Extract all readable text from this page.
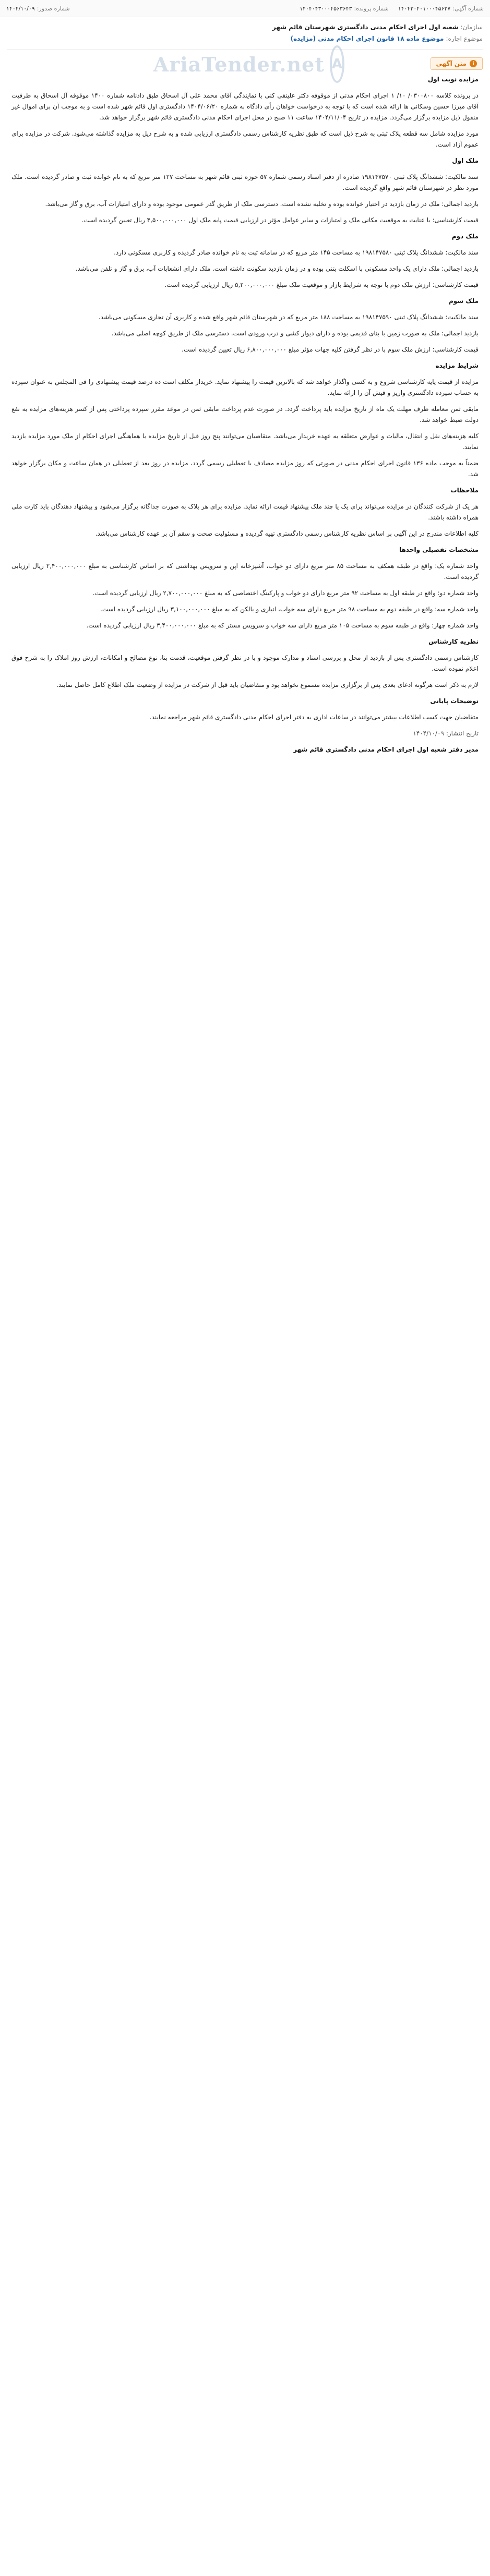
شماره آگهی:۱۴۰۴۳۰۴۰۱۰۰۰۴۵۶۳۷
شماره پرونده:۱۴۰۴۰۴۳۰۰۰۴۵۶۳۶۴۳
شماره صدور:۱۴۰۴/۱۰/۰۹
سازمان:شعبه اول اجرای احکام مدنی دادگستری شهرستان قائم شهر
موضوع اجاره:موضوع ماده ۱۸ قانون اجرای احکام مدنی (مزایده)
i
متن آگهی
A
AriaTender.net

مزایده نوبت اول

در پرونده کلاسه ۰۳۰۰۸۰۰/ ۱۰/ ۱ اجرای احکام مدنی از موقوفه دکتر علینقی کنی با نمایندگی آقای محمد علی آل اسحاق طبق دادنامه شماره ۱۴۰۰ موقوفه آل اسحاق به طرفیت آقای میرزا حسین وسکانی ها ارائه شده است که با توجه به درخواست خواهان رأی دادگاه به شماره ۱۴۰۴/۰۶/۲۰ دادگستری اول قائم شهر شده است و به موجب آن برای اموال غیر منقول ذیل مزایده برگزار می‌گردد. مزایده در تاریخ ۱۴۰۴/۱۱/۰۴ ساعت ۱۱ صبح در محل اجرای احکام مدنی دادگستری قائم شهر برگزار خواهد شد.

مورد مزایده شامل سه قطعه پلاک ثبتی به شرح ذیل است که طبق نظریه کارشناس رسمی دادگستری ارزیابی شده و به شرح ذیل به مزایده گذاشته می‌شود. شرکت در مزایده برای عموم آزاد است.

ملک اول

سند مالکیت: ششدانگ پلاک ثبتی ۱۹۸۱۴۷۵۷۰ صادره از دفتر اسناد رسمی شماره ۵۷ حوزه ثبتی قائم شهر به مساحت ۱۲۷ متر مربع که به نام خوانده ثبت و صادر گردیده است. ملک مورد نظر در شهرستان قائم شهر واقع گردیده است.

بازدید اجمالی: ملک در زمان بازدید در اختیار خوانده بوده و تخلیه نشده است. دسترسی ملک از طریق گذر عمومی موجود بوده و دارای امتیازات آب، برق و گاز می‌باشد.

قیمت کارشناسی: با عنایت به موقعیت مکانی ملک و امتیازات و سایر عوامل مؤثر در ارزیابی قیمت پایه ملک اول ۴,۵۰۰,۰۰۰,۰۰۰ ریال تعیین گردیده است.

ملک دوم

سند مالکیت: ششدانگ پلاک ثبتی ۱۹۸۱۴۷۵۸۰ به مساحت ۱۴۵ متر مربع که در سامانه ثبت به نام خوانده صادر گردیده و کاربری مسکونی دارد.

بازدید اجمالی: ملک دارای یک واحد مسکونی با اسکلت بتنی بوده و در زمان بازدید سکونت داشته است. ملک دارای انشعابات آب، برق و گاز و تلفن می‌باشد.

قیمت کارشناسی: ارزش ملک دوم با توجه به شرایط بازار و موقعیت ملک مبلغ ۵,۲۰۰,۰۰۰,۰۰۰ ریال ارزیابی گردیده است.

ملک سوم

سند مالکیت: ششدانگ پلاک ثبتی ۱۹۸۱۴۷۵۹۰ به مساحت ۱۸۸ متر مربع که در شهرستان قائم شهر واقع شده و کاربری آن تجاری مسکونی می‌باشد.

بازدید اجمالی: ملک به صورت زمین با بنای قدیمی بوده و دارای دیوار کشی و درب ورودی است. دسترسی ملک از طریق کوچه اصلی می‌باشد.

قیمت کارشناسی: ارزش ملک سوم با در نظر گرفتن کلیه جهات مؤثر مبلغ ۶,۸۰۰,۰۰۰,۰۰۰ ریال تعیین گردیده است.

شرایط مزایده

مزایده از قیمت پایه کارشناسی شروع و به کسی واگذار خواهد شد که بالاترین قیمت را پیشنهاد نماید. خریدار مکلف است ده درصد قیمت پیشنهادی را فی المجلس به عنوان سپرده به حساب سپرده دادگستری واریز و فیش آن را ارائه نماید.

مابقی ثمن معامله ظرف مهلت یک ماه از تاریخ مزایده باید پرداخت گردد. در صورت عدم پرداخت مابقی ثمن در موعد مقرر سپرده پرداختی پس از کسر هزینه‌های مزایده به نفع دولت ضبط خواهد شد.

کلیه هزینه‌های نقل و انتقال، مالیات و عوارض متعلقه به عهده خریدار می‌باشد. متقاضیان می‌توانند پنج روز قبل از تاریخ مزایده با هماهنگی اجرای احکام از ملک مورد مزایده بازدید نمایند.

ضمناً به موجب ماده ۱۳۶ قانون اجرای احکام مدنی در صورتی که روز مزایده مصادف با تعطیلی رسمی گردد، مزایده در روز بعد از تعطیلی در همان ساعت و مکان برگزار خواهد شد.

ملاحظات

هر یک از شرکت کنندگان در مزایده می‌تواند برای یک یا چند ملک پیشنهاد قیمت ارائه نماید. مزایده برای هر پلاک به صورت جداگانه برگزار می‌شود و پیشنهاد دهندگان باید کارت ملی همراه داشته باشند.

کلیه اطلاعات مندرج در این آگهی بر اساس نظریه کارشناس رسمی دادگستری تهیه گردیده و مسئولیت صحت و سقم آن بر عهده کارشناس می‌باشد.

مشخصات تفصیلی واحدها

واحد شماره یک: واقع در طبقه همکف به مساحت ۸۵ متر مربع دارای دو خواب، آشپزخانه اپن و سرویس بهداشتی که بر اساس کارشناسی به مبلغ ۲,۴۰۰,۰۰۰,۰۰۰ ریال ارزیابی گردیده است.

واحد شماره دو: واقع در طبقه اول به مساحت ۹۲ متر مربع دارای دو خواب و پارکینگ اختصاصی که به مبلغ ۲,۷۰۰,۰۰۰,۰۰۰ ریال ارزیابی گردیده است.

واحد شماره سه: واقع در طبقه دوم به مساحت ۹۸ متر مربع دارای سه خواب، انباری و بالکن که به مبلغ ۳,۱۰۰,۰۰۰,۰۰۰ ریال ارزیابی گردیده است.

واحد شماره چهار: واقع در طبقه سوم به مساحت ۱۰۵ متر مربع دارای سه خواب و سرویس مستر که به مبلغ ۳,۴۰۰,۰۰۰,۰۰۰ ریال ارزیابی گردیده است.

نظریه کارشناس

کارشناس رسمی دادگستری پس از بازدید از محل و بررسی اسناد و مدارک موجود و با در نظر گرفتن موقعیت، قدمت بنا، نوع مصالح و امکانات، ارزش روز املاک را به شرح فوق اعلام نموده است.

لازم به ذکر است هرگونه ادعای بعدی پس از برگزاری مزایده مسموع نخواهد بود و متقاضیان باید قبل از شرکت در مزایده از وضعیت ملک اطلاع کامل حاصل نمایند.

توضیحات پایانی

متقاضیان جهت کسب اطلاعات بیشتر می‌توانند در ساعات اداری به دفتر اجرای احکام مدنی دادگستری قائم شهر مراجعه نمایند.

تاریخ انتشار: ۱۴۰۴/۱۰/۰۹

مدیر دفتر شعبه اول اجرای احکام مدنی دادگستری قائم شهر
